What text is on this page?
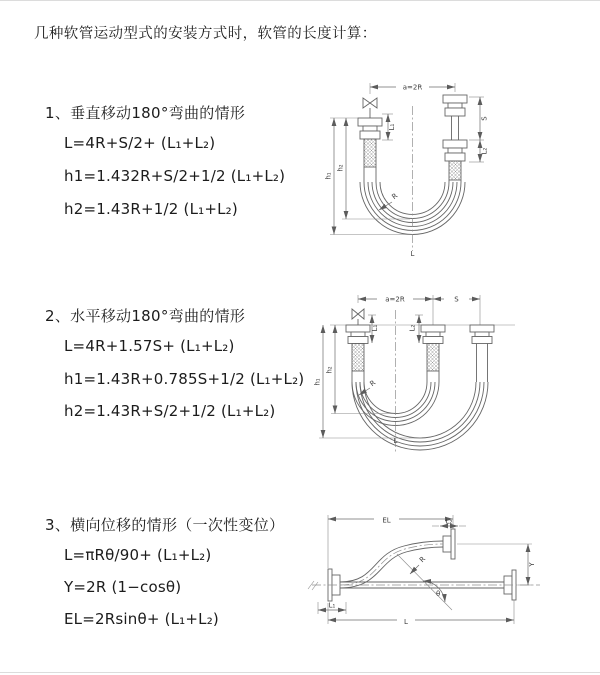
几种软管运动型式的安装方式时，软管的长度计算：
1、垂直移动180°弯曲的情形
L=4R+S/2+ (L₁+L₂)
h1=1.432R+S/2+1/2 (L₁+L₂)
h2=1.43R+1/2 (L₁+L₂)
2、水平移动180°弯曲的情形
L=4R+1.57S+ (L₁+L₂)
h1=1.43R+0.785S+1/2 (L₁+L₂)
h2=1.43R+S/2+1/2 (L₁+L₂)
3、横向位移的情形（一次性变位）
L=πRθ/90+ (L₁+L₂)
Y=2R (1−cosθ)
EL=2Rsinθ+ (L₁+L₂)
a=2R
h₁
h₂
L₁
S
L₂
R
L
a=2R	S
h₁
h₂
L₁	L₂
R
L
EL	L₂
θ
R
Y
L₁
L
